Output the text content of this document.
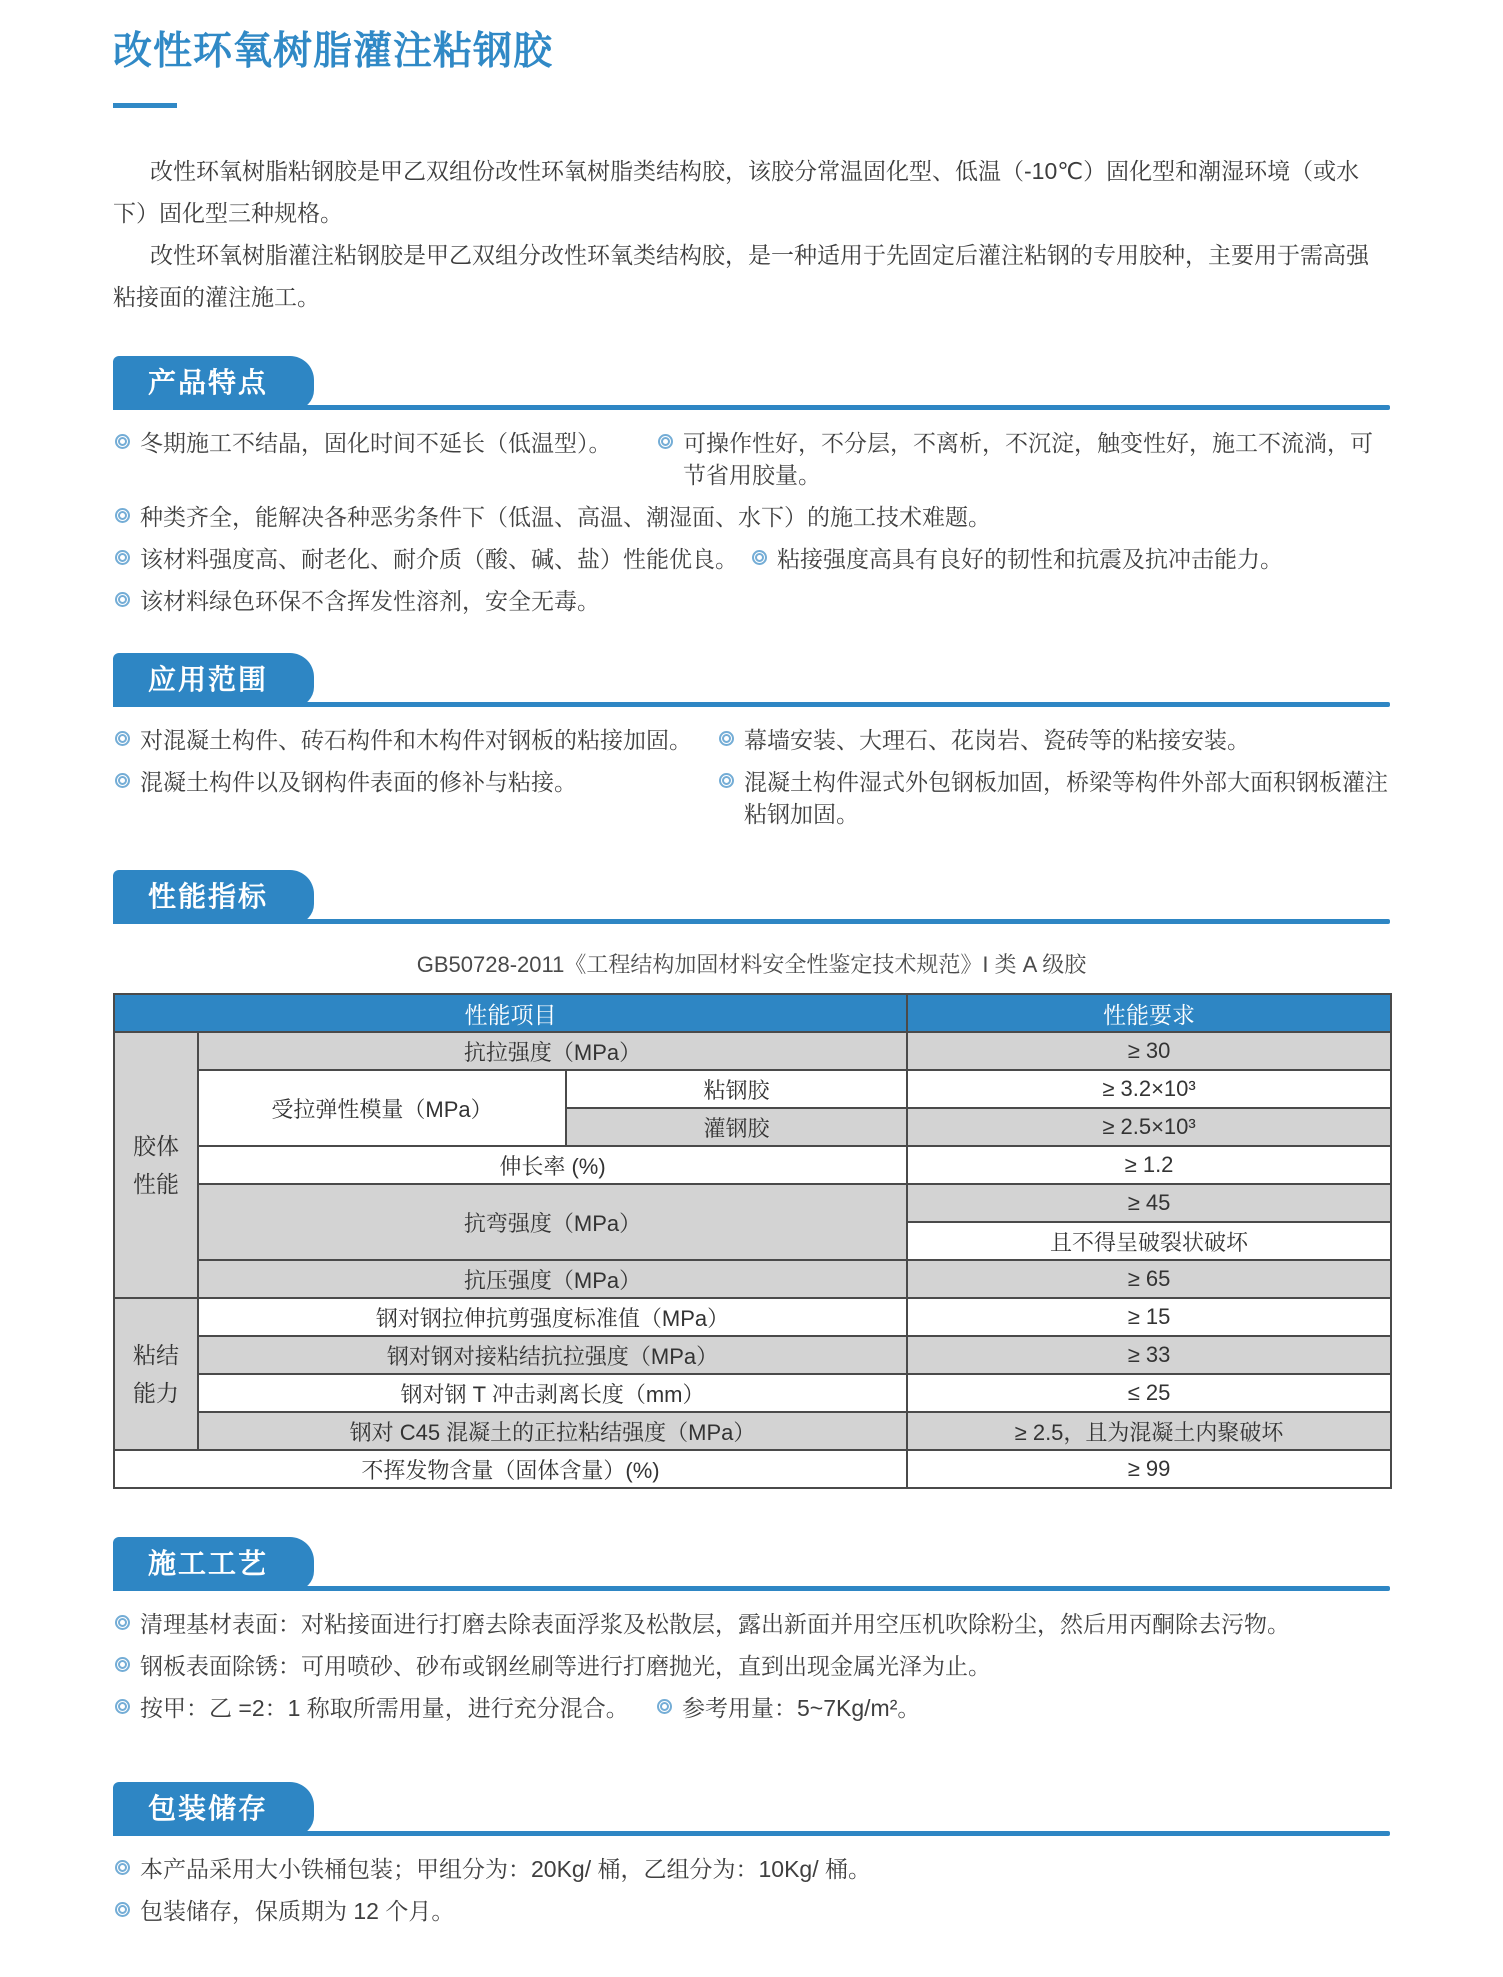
改性环氧树脂灌注粘钢胶

改性环氧树脂粘钢胶是甲乙双组份改性环氧树脂类结构胶，该胶分常温固化型、低温（-10℃）固化型和潮湿环境（或水下）固化型三种规格。

改性环氧树脂灌注粘钢胶是甲乙双组分改性环氧类结构胶，是一种适用于先固定后灌注粘钢的专用胶种，主要用于需高强粘接面的灌注施工。

产品特点
冬期施工不结晶，固化时间不延长（低温型）。	可操作性好，不分层，不离析，不沉淀，触变性好，施工不流淌，可节省用胶量。
种类齐全，能解决各种恶劣条件下（低温、高温、潮湿面、水下）的施工技术难题。
该材料强度高、耐老化、耐介质（酸、碱、盐）性能优良。 粘接强度高具有良好的韧性和抗震及抗冲击能力。
该材料绿色环保不含挥发性溶剂，安全无毒。
应用范围
对混凝土构件、砖石构件和木构件对钢板的粘接加固。 幕墙安装、大理石、花岗岩、瓷砖等的粘接安装。
混凝土构件以及钢构件表面的修补与粘接。	混凝土构件湿式外包钢板加固，桥梁等构件外部大面积钢板灌注粘钢加固。
性能指标
GB50728-2011《工程结构加固材料安全性鉴定技术规范》I 类 A 级胶
性能项目			性能要求
胶体性能	抗拉强度（MPa）		≥ 30
	受拉弹性模量（MPa）	粘钢胶	≥ 3.2×10³
		灌钢胶	≥ 2.5×10³
	伸长率 (%)		≥ 1.2
	抗弯强度（MPa）		≥ 45
			且不得呈破裂状破坏
	抗压强度（MPa）		≥ 65
粘结能力	钢对钢拉伸抗剪强度标准值（MPa）		≥ 15
	钢对钢对接粘结抗拉强度（MPa）		≥ 33
	钢对钢 T 冲击剥离长度（mm）		≤ 25
	钢对 C45 混凝土的正拉粘结强度（MPa）		≥ 2.5，且为混凝土内聚破坏
不挥发物含量（固体含量）(%)			≥ 99
施工工艺
清理基材表面：对粘接面进行打磨去除表面浮浆及松散层，露出新面并用空压机吹除粉尘，然后用丙酮除去污物。
钢板表面除锈：可用喷砂、砂布或钢丝刷等进行打磨抛光，直到出现金属光泽为止。
按甲：乙 =2：1 称取所需用量，进行充分混合。 参考用量：5~7Kg/m²。
包装储存
本产品采用大小铁桶包装；甲组分为：20Kg/ 桶，乙组分为：10Kg/ 桶。
包装储存，保质期为 12 个月。
